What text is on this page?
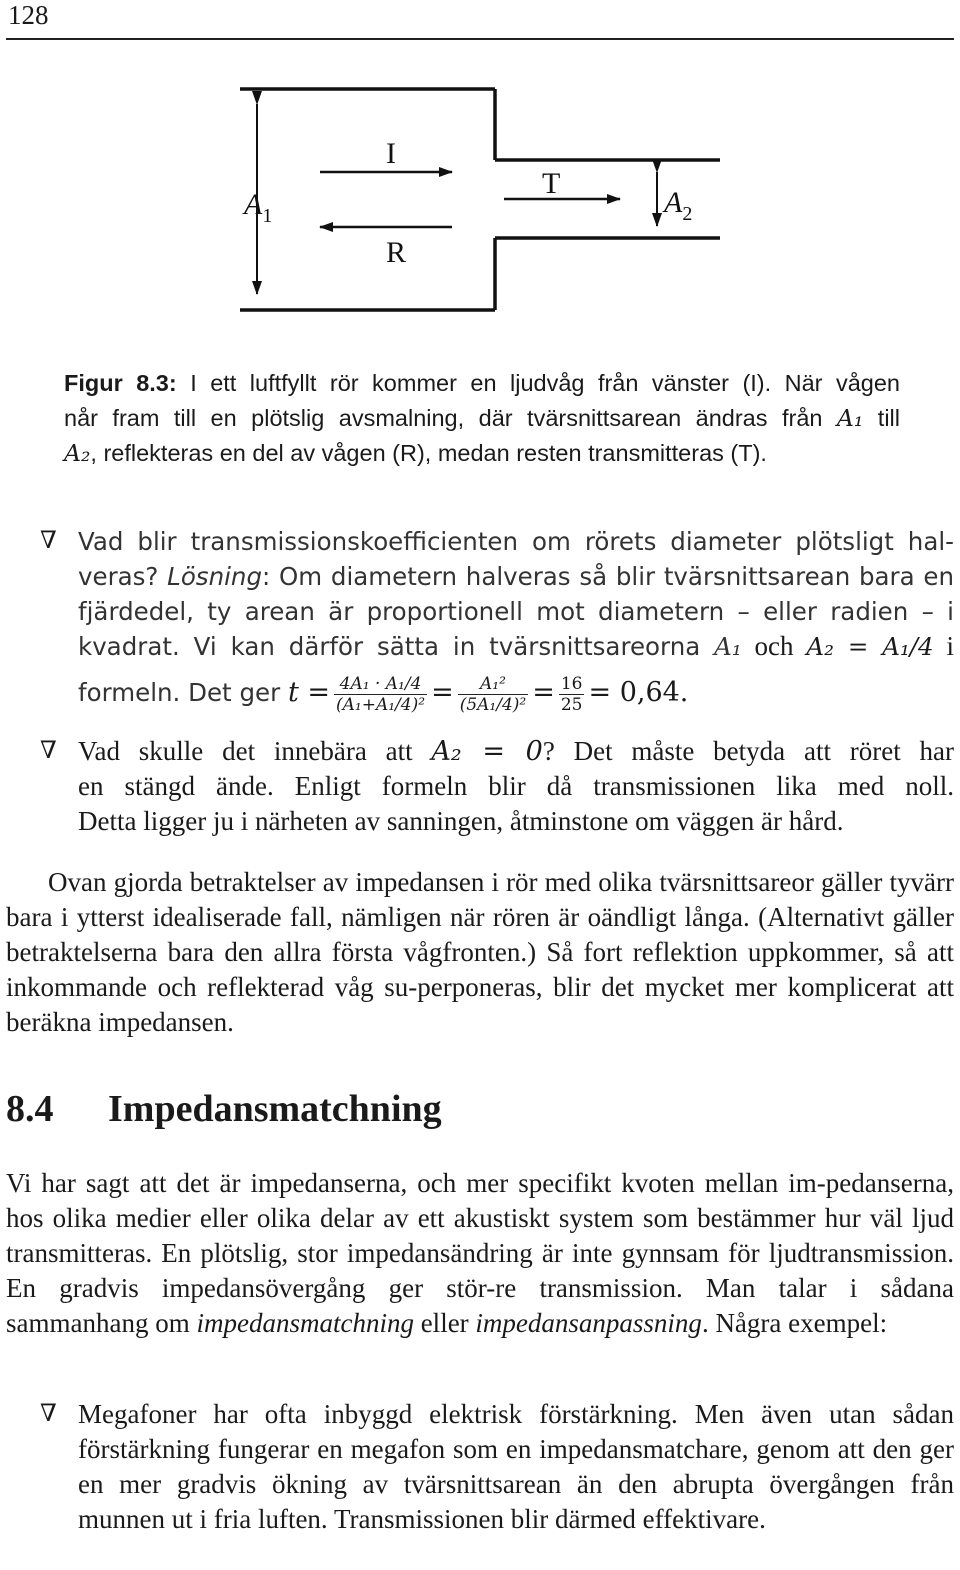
128
$A_1$
I
R
T
$A_2$
Figur 8.3: I ett luftfyllt rör kommer en ljudvåg från vänster (I). När vågen
når fram till en plötslig avsmalning, där tvärsnittsarean ändras från A₁ till
A₂, reflekteras en del av vågen (R), medan resten transmitteras (T).
∇ Vad blir transmissionskoefficienten om rörets diameter plötsligt hal-
veras? Lösning: Om diametern halveras så blir tvärsnittsarean bara en
fjärdedel, ty arean är proportionell mot diametern – eller radien – i
kvadrat. Vi kan därför sätta in tvärsnittsareorna A₁ och A₂ = A₁/4 i
formeln. Det ger $t = \frac{\text{4A₁ · A₁/4}}{\text{(A₁+A₁/4)²}} = \frac{\text{A₁²}}{\text{(5A₁/4)²}} = \frac{16}{25} = 0,64$.
∇ Vad skulle det innebära att A₂ = 0? Det måste betyda att röret har
en stängd ände. Enligt formeln blir då transmissionen lika med noll.
Detta ligger ju i närheten av sanningen, åtminstone om väggen är hård.
Ovan gjorda betraktelser av impedansen i rör med olika tvärsnittsareor gäller tyvärr bara i ytterst idealiserade fall, nämligen när rören är oändligt långa. (Alternativt gäller betraktelserna bara den allra första vågfronten.) Så fort reflektion uppkommer, så att inkommande och reflekterad våg su-perponeras, blir det mycket mer komplicerat att beräkna impedansen.
8.4 Impedansmatchning
Vi har sagt att det är impedanserna, och mer specifikt kvoten mellan im-pedanserna, hos olika medier eller olika delar av ett akustiskt system som bestämmer hur väl ljud transmitteras. En plötslig, stor impedansändring är inte gynnsam för ljudtransmission. En gradvis impedansövergång ger stör-re transmission. Man talar i sådana sammanhang om impedansmatchning eller impedansanpassning. Några exempel:
∇ Megafoner har ofta inbyggd elektrisk förstärkning. Men även utan sådan förstärkning fungerar en megafon som en impedansmatchare, genom att den ger en mer gradvis ökning av tvärsnittsarean än den abrupta övergången från munnen ut i fria luften. Transmissionen blir därmed effektivare.
